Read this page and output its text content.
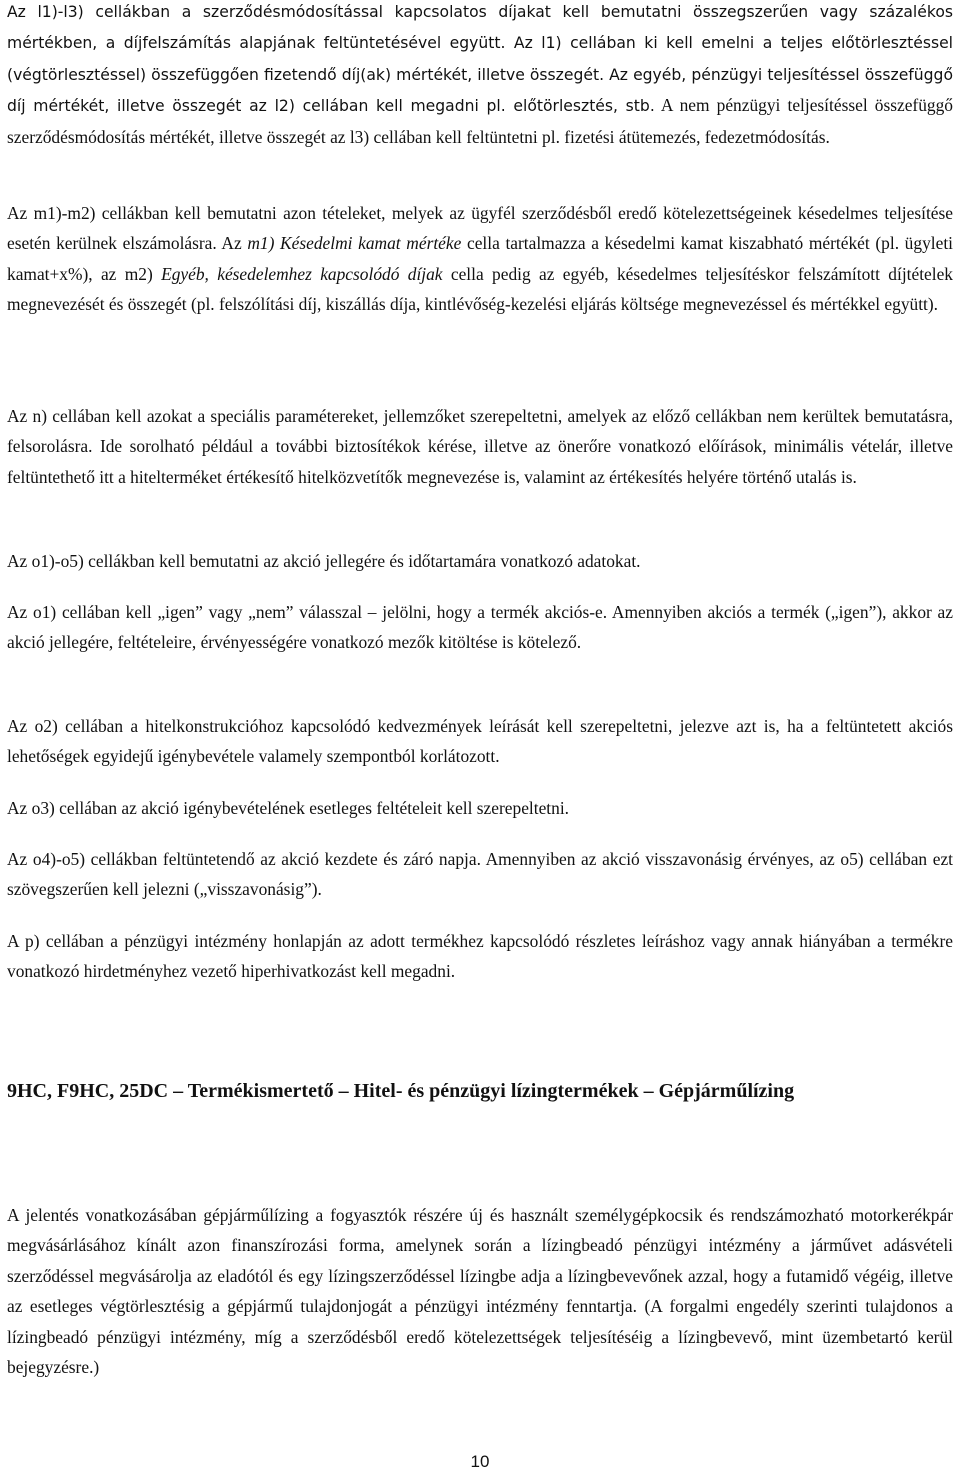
Az l1)-l3) cellákban a szerződésmódosítással kapcsolatos díjakat kell bemutatni összegszerűen vagy százalékos mértékben, a díjfelszámítás alapjának feltüntetésével együtt. Az l1) cellában ki kell emelni a teljes előtörlesztéssel (végtörlesztéssel) összefüggően fizetendő díj(ak) mértékét, illetve összegét. Az egyéb, pénzügyi teljesítéssel összefüggő díj mértékét, illetve összegét az l2) cellában kell megadni pl. előtörlesztés, stb. A nem pénzügyi teljesítéssel összefüggő szerződésmódosítás mértékét, illetve összegét az l3) cellában kell feltüntetni pl. fizetési átütemezés, fedezetmódosítás.

Az m1)-m2) cellákban kell bemutatni azon tételeket, melyek az ügyfél szerződésből eredő kötelezettségeinek késedelmes teljesítése esetén kerülnek elszámolásra. Az m1) Késedelmi kamat mértéke cella tartalmazza a késedelmi kamat kiszabható mértékét (pl. ügyleti kamat+x%), az m2) Egyéb, késedelemhez kapcsolódó díjak cella pedig az egyéb, késedelmes teljesítéskor felszámított díjtételek megnevezését és összegét (pl. felszólítási díj, kiszállás díja, kintlévőség-kezelési eljárás költsége megnevezéssel és mértékkel együtt).

Az n) cellában kell azokat a speciális paramétereket, jellemzőket szerepeltetni, amelyek az előző cellákban nem kerültek bemutatásra, felsorolásra. Ide sorolható például a további biztosítékok kérése, illetve az önerőre vonatkozó előírások, minimális vételár, illetve feltüntethető itt a hitelterméket értékesítő hitelközvetítők megnevezése is, valamint az értékesítés helyére történő utalás is.

Az o1)-o5) cellákban kell bemutatni az akció jellegére és időtartamára vonatkozó adatokat.

Az o1) cellában kell „igen” vagy „nem” válasszal – jelölni, hogy a termék akciós-e. Amennyiben akciós a termék („igen”), akkor az akció jellegére, feltételeire, érvényességére vonatkozó mezők kitöltése is kötelező.

Az o2) cellában a hitelkonstrukcióhoz kapcsolódó kedvezmények leírását kell szerepeltetni, jelezve azt is, ha a feltüntetett akciós lehetőségek egyidejű igénybevétele valamely szempontból korlátozott.

Az o3) cellában az akció igénybevételének esetleges feltételeit kell szerepeltetni.

Az o4)-o5) cellákban feltüntetendő az akció kezdete és záró napja. Amennyiben az akció visszavonásig érvényes, az o5) cellában ezt szövegszerűen kell jelezni („visszavonásig”).

A p) cellában a pénzügyi intézmény honlapján az adott termékhez kapcsolódó részletes leíráshoz vagy annak hiányában a termékre vonatkozó hirdetményhez vezető hiperhivatkozást kell megadni.

9HC, F9HC, 25DC – Termékismertető – Hitel- és pénzügyi lízingtermékek – Gépjárműlízing

A jelentés vonatkozásában gépjárműlízing a fogyasztók részére új és használt személygépkocsik és rendszámozható motorkerékpár megvásárlásához kínált azon finanszírozási forma, amelynek során a lízingbeadó pénzügyi intézmény a járművet adásvételi szerződéssel megvásárolja az eladótól és egy lízingszerződéssel lízingbe adja a lízingbevevőnek azzal, hogy a futamidő végéig, illetve az esetleges végtörlesztésig a gépjármű tulajdonjogát a pénzügyi intézmény fenntartja. (A forgalmi engedély szerinti tulajdonos a lízingbeadó pénzügyi intézmény, míg a szerződésből eredő kötelezettségek teljesítéséig a lízingbevevő, mint üzembetartó kerül bejegyzésre.)

10
